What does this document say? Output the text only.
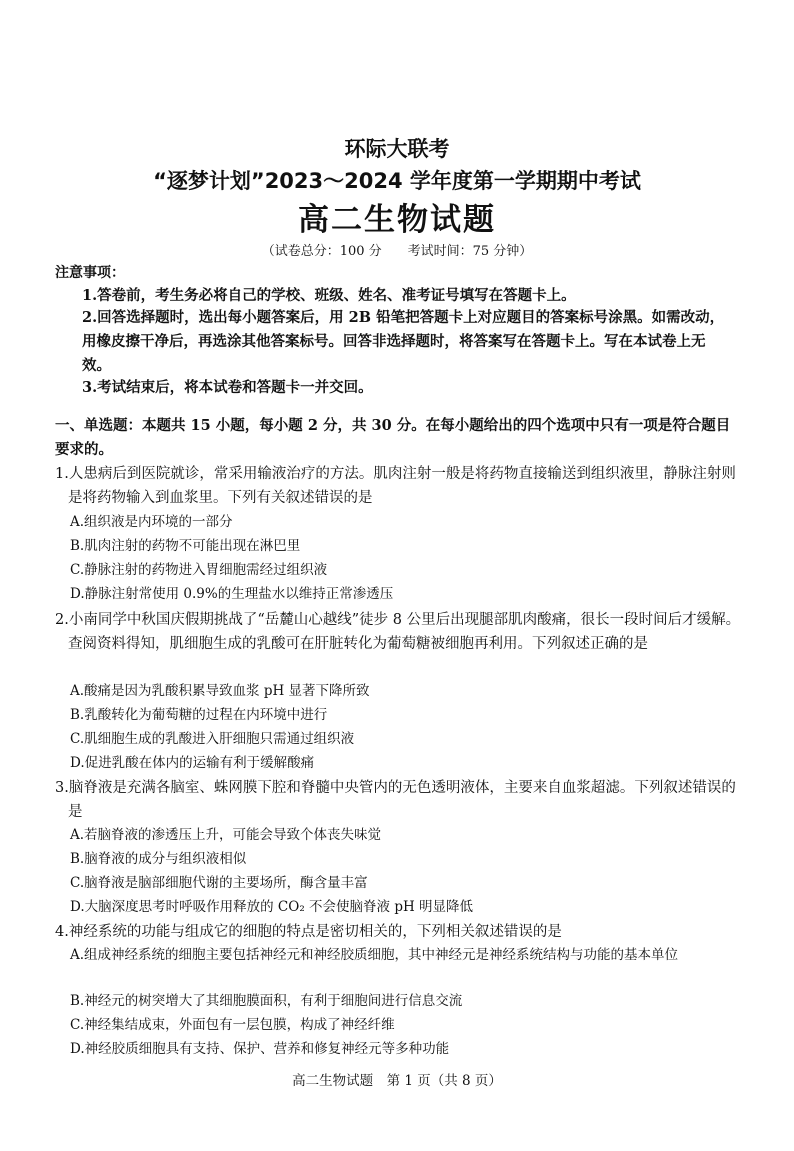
环际大联考
“逐梦计划”2023～2024 学年度第一学期期中考试
高二生物试题
（试卷总分：100 分　　考试时间：75 分钟）
注意事项：
1.答卷前，考生务必将自己的学校、班级、姓名、准考证号填写在答题卡上。
2.回答选择题时，选出每小题答案后，用 2B 铅笔把答题卡上对应题目的答案标号涂黑。如需改动，用橡皮擦干净后，再选涂其他答案标号。回答非选择题时，将答案写在答题卡上。写在本试卷上无效。
3.考试结束后，将本试卷和答题卡一并交回。
一、单选题：本题共 15 小题，每小题 2 分，共 30 分。在每小题给出的四个选项中只有一项是符合题目要求的。
1.人患病后到医院就诊，常采用输液治疗的方法。肌肉注射一般是将药物直接输送到组织液里，静脉注射则是将药物输入到血浆里。下列有关叙述错误的是
A.组织液是内环境的一部分
B.肌肉注射的药物不可能出现在淋巴里
C.静脉注射的药物进入胃细胞需经过组织液
D.静脉注射常使用 0.9%的生理盐水以维持正常渗透压
2.小南同学中秋国庆假期挑战了“岳麓山心越线”徒步 8 公里后出现腿部肌肉酸痛，很长一段时间后才缓解。查阅资料得知，肌细胞生成的乳酸可在肝脏转化为葡萄糖被细胞再利用。下列叙述正确的是
A.酸痛是因为乳酸积累导致血浆 pH 显著下降所致
B.乳酸转化为葡萄糖的过程在内环境中进行
C.肌细胞生成的乳酸进入肝细胞只需通过组织液
D.促进乳酸在体内的运输有利于缓解酸痛
3.脑脊液是充满各脑室、蛛网膜下腔和脊髓中央管内的无色透明液体，主要来自血浆超滤。下列叙述错误的是
A.若脑脊液的渗透压上升，可能会导致个体丧失味觉
B.脑脊液的成分与组织液相似
C.脑脊液是脑部细胞代谢的主要场所，酶含量丰富
D.大脑深度思考时呼吸作用释放的 CO₂ 不会使脑脊液 pH 明显降低
4.神经系统的功能与组成它的细胞的特点是密切相关的，下列相关叙述错误的是
A.组成神经系统的细胞主要包括神经元和神经胶质细胞，其中神经元是神经系统结构与功能的基本单位
B.神经元的树突增大了其细胞膜面积，有利于细胞间进行信息交流
C.神经集结成束，外面包有一层包膜，构成了神经纤维
D.神经胶质细胞具有支持、保护、营养和修复神经元等多种功能
高二生物试题　第 1 页（共 8 页）
